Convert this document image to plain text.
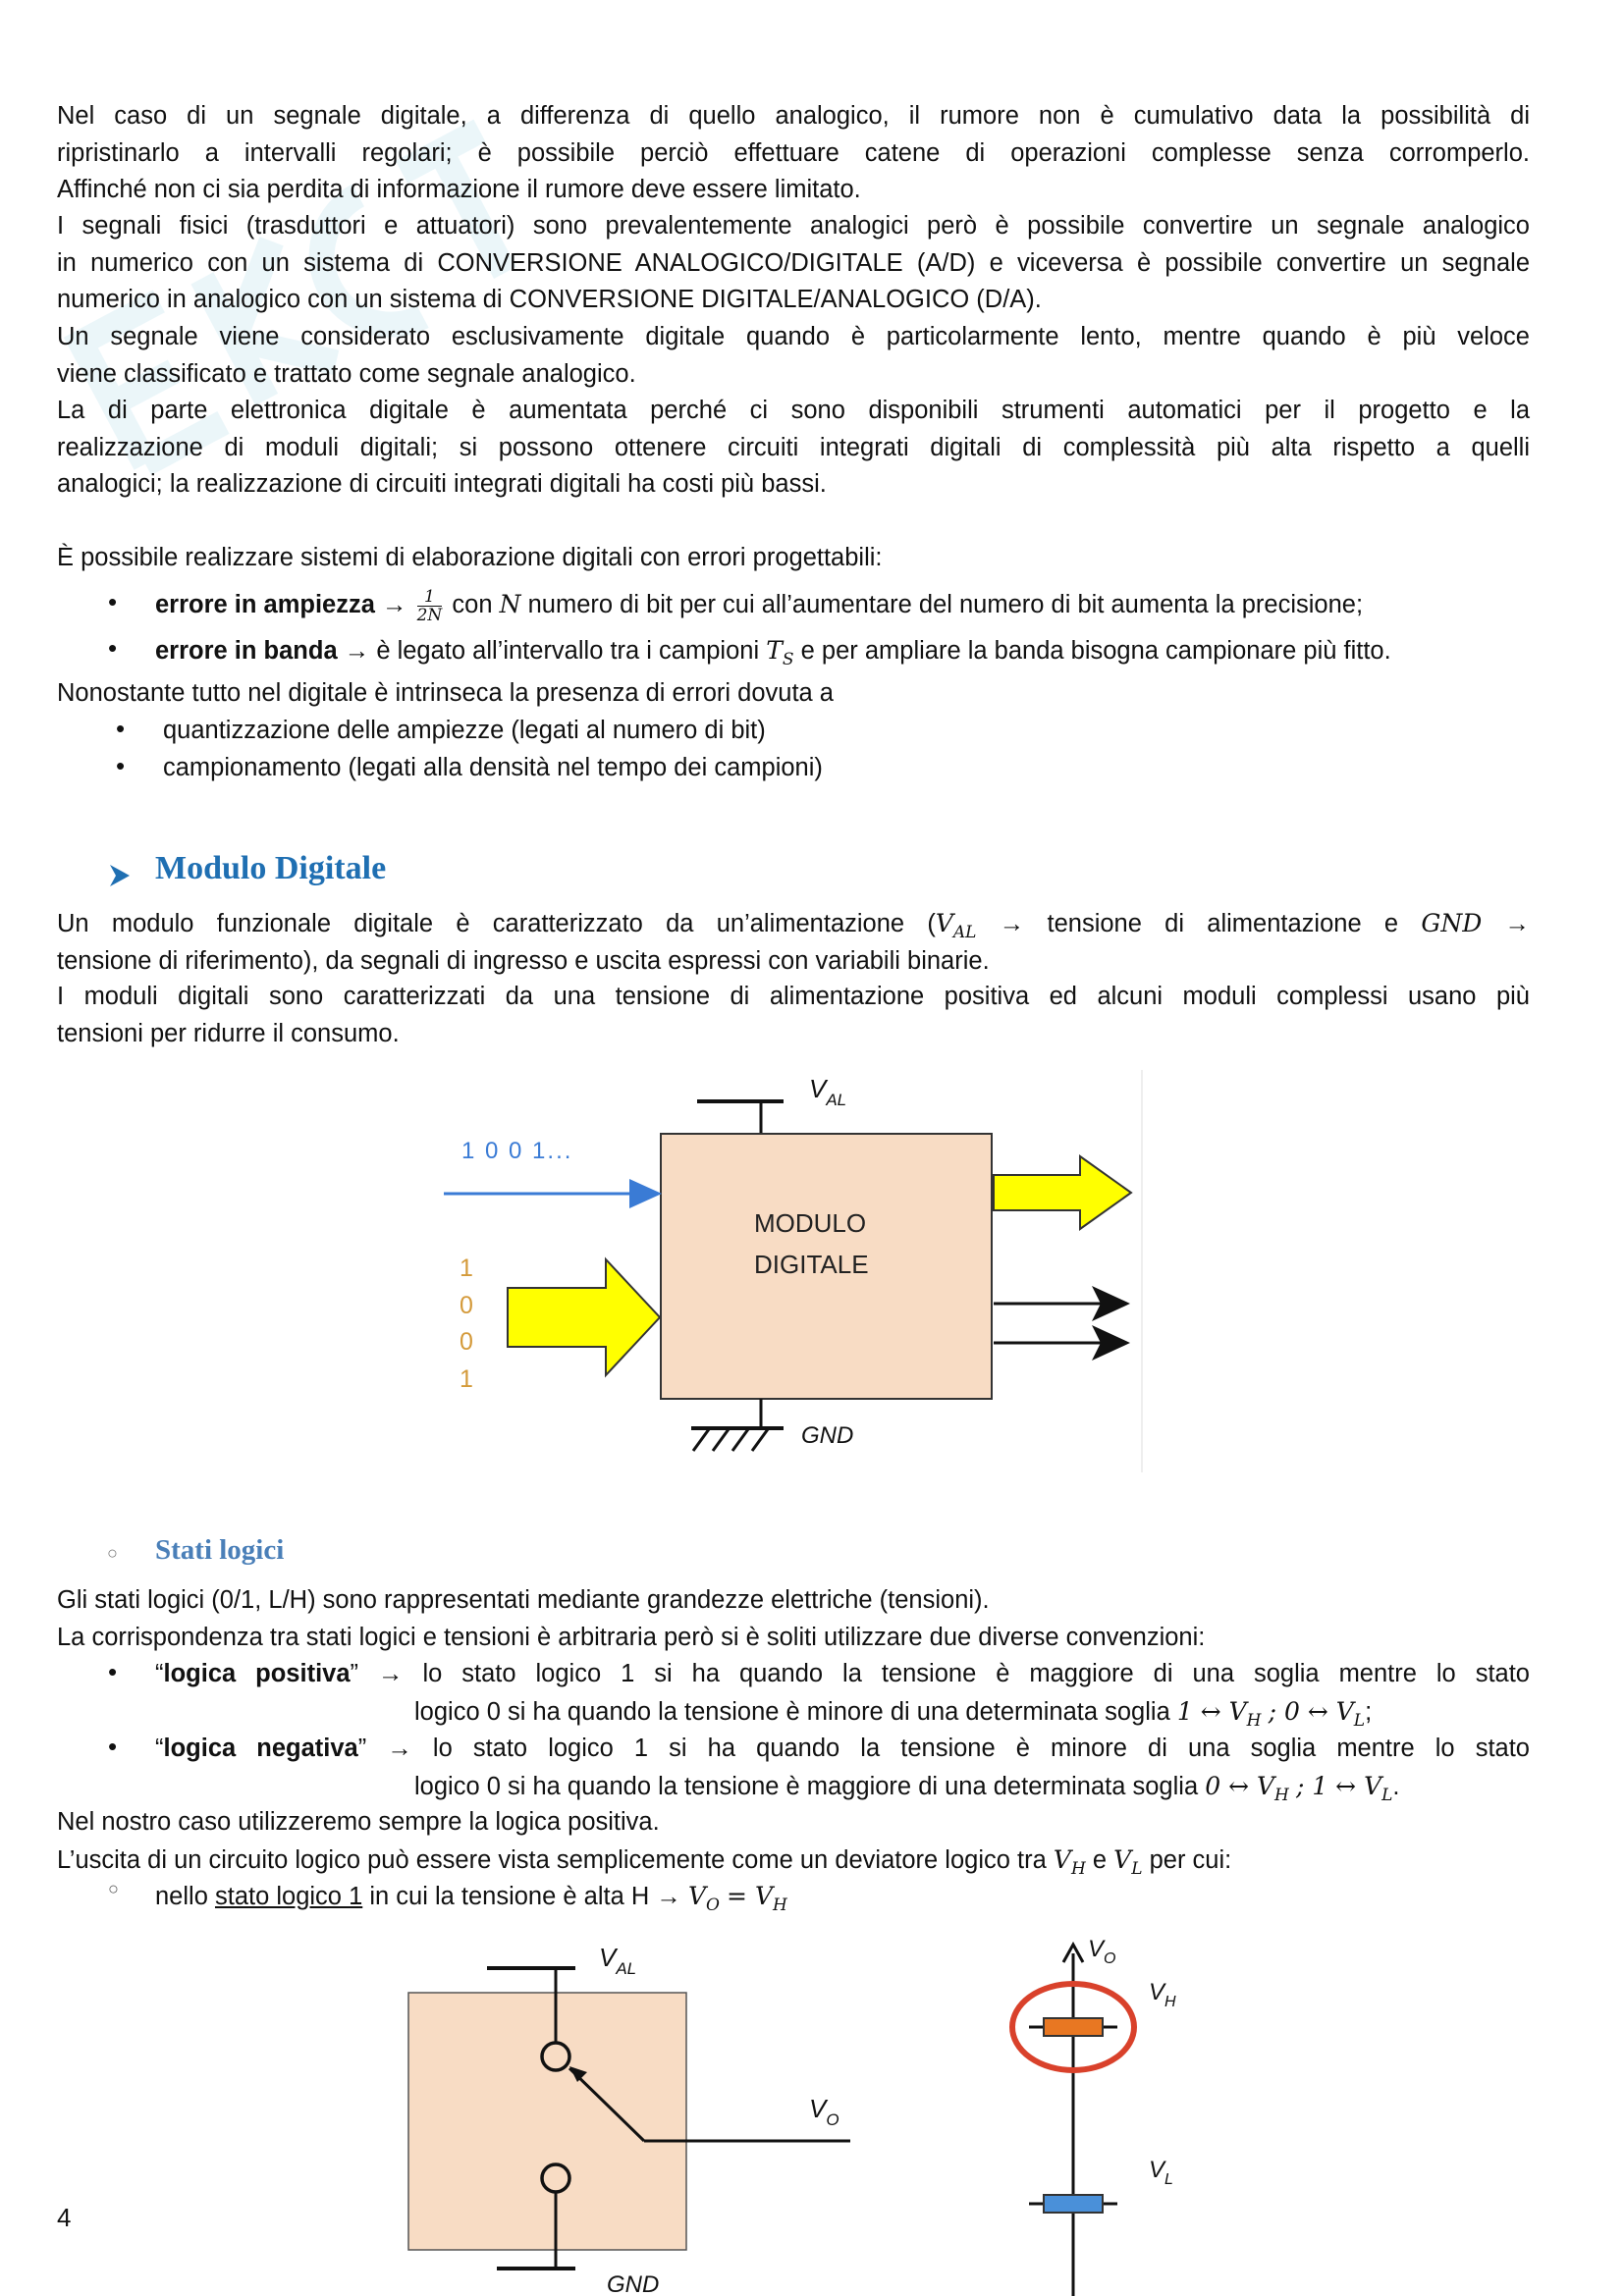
Nel caso di un segnale digitale, a differenza di quello analogico, il rumore non è cumulativo data la possibilità di
ripristinarlo a intervalli regolari; è possibile perciò effettuare catene di operazioni complesse senza corromperlo.
Affinché non ci sia perdita di informazione il rumore deve essere limitato.
I segnali fisici (trasduttori e attuatori) sono prevalentemente analogici però è possibile convertire un segnale analogico
in numerico con un sistema di CONVERSIONE ANALOGICO/DIGITALE (A/D) e viceversa è possibile convertire un segnale
numerico in analogico con un sistema di CONVERSIONE DIGITALE/ANALOGICO (D/A).
Un segnale viene considerato esclusivamente digitale quando è particolarmente lento, mentre quando è più veloce
viene classificato e trattato come segnale analogico.
La di parte elettronica digitale è aumentata perché ci sono disponibili strumenti automatici per il progetto e la
realizzazione di moduli digitali; si possono ottenere circuiti integrati digitali di complessità più alta rispetto a quelli
analogici; la realizzazione di circuiti integrati digitali ha costi più bassi.
È possibile realizzare sistemi di elaborazione digitali con errori progettabili:
• errore in ampiezza → $\frac{1}{2N}$ con N numero di bit per cui all’aumentare del numero di bit aumenta la precisione;
• errore in banda → è legato all’intervallo tra i campioni $T_S$ e per ampliare la banda bisogna campionare più fitto.
Nonostante tutto nel digitale è intrinseca la presenza di errori dovuta a
• quantizzazione delle ampiezze (legati al numero di bit)
• campionamento (legati alla densità nel tempo dei campioni)
Modulo Digitale
Un modulo funzionale digitale è caratterizzato da un’alimentazione ($V_{AL}$ → tensione di alimentazione e GND →
tensione di riferimento), da segnali di ingresso e uscita espressi con variabili binarie.
I moduli digitali sono caratterizzati da una tensione di alimentazione positiva ed alcuni moduli complessi usano più
tensioni per ridurre il consumo.
$V_{AL}$
MODULO
DIGITALE
1 0 0 1...
1
0
0
1
GND
○ Stati logici
Gli stati logici (0/1, L/H) sono rappresentati mediante grandezze elettriche (tensioni).
La corrispondenza tra stati logici e tensioni è arbitraria però si è soliti utilizzare due diverse convenzioni:
• “logica positiva” → lo stato logico 1 si ha quando la tensione è maggiore di una soglia mentre lo stato
logico 0 si ha quando la tensione è minore di una determinata soglia 1 ↔ $V_H$ ; 0 ↔ $V_L$;
• “logica negativa” → lo stato logico 1 si ha quando la tensione è minore di una soglia mentre lo stato
logico 0 si ha quando la tensione è maggiore di una determinata soglia 0 ↔ $V_H$ ; 1 ↔ $V_L$.
Nel nostro caso utilizzeremo sempre la logica positiva.
L’uscita di un circuito logico può essere vista semplicemente come un deviatore logico tra $V_H$ e $V_L$ per cui:
○ nello stato logico 1 in cui la tensione è alta $H \to V_O = V_H$
$V_{AL}$
$V_O$
GND
$V_O$
$V_H$
$V_L$
4
